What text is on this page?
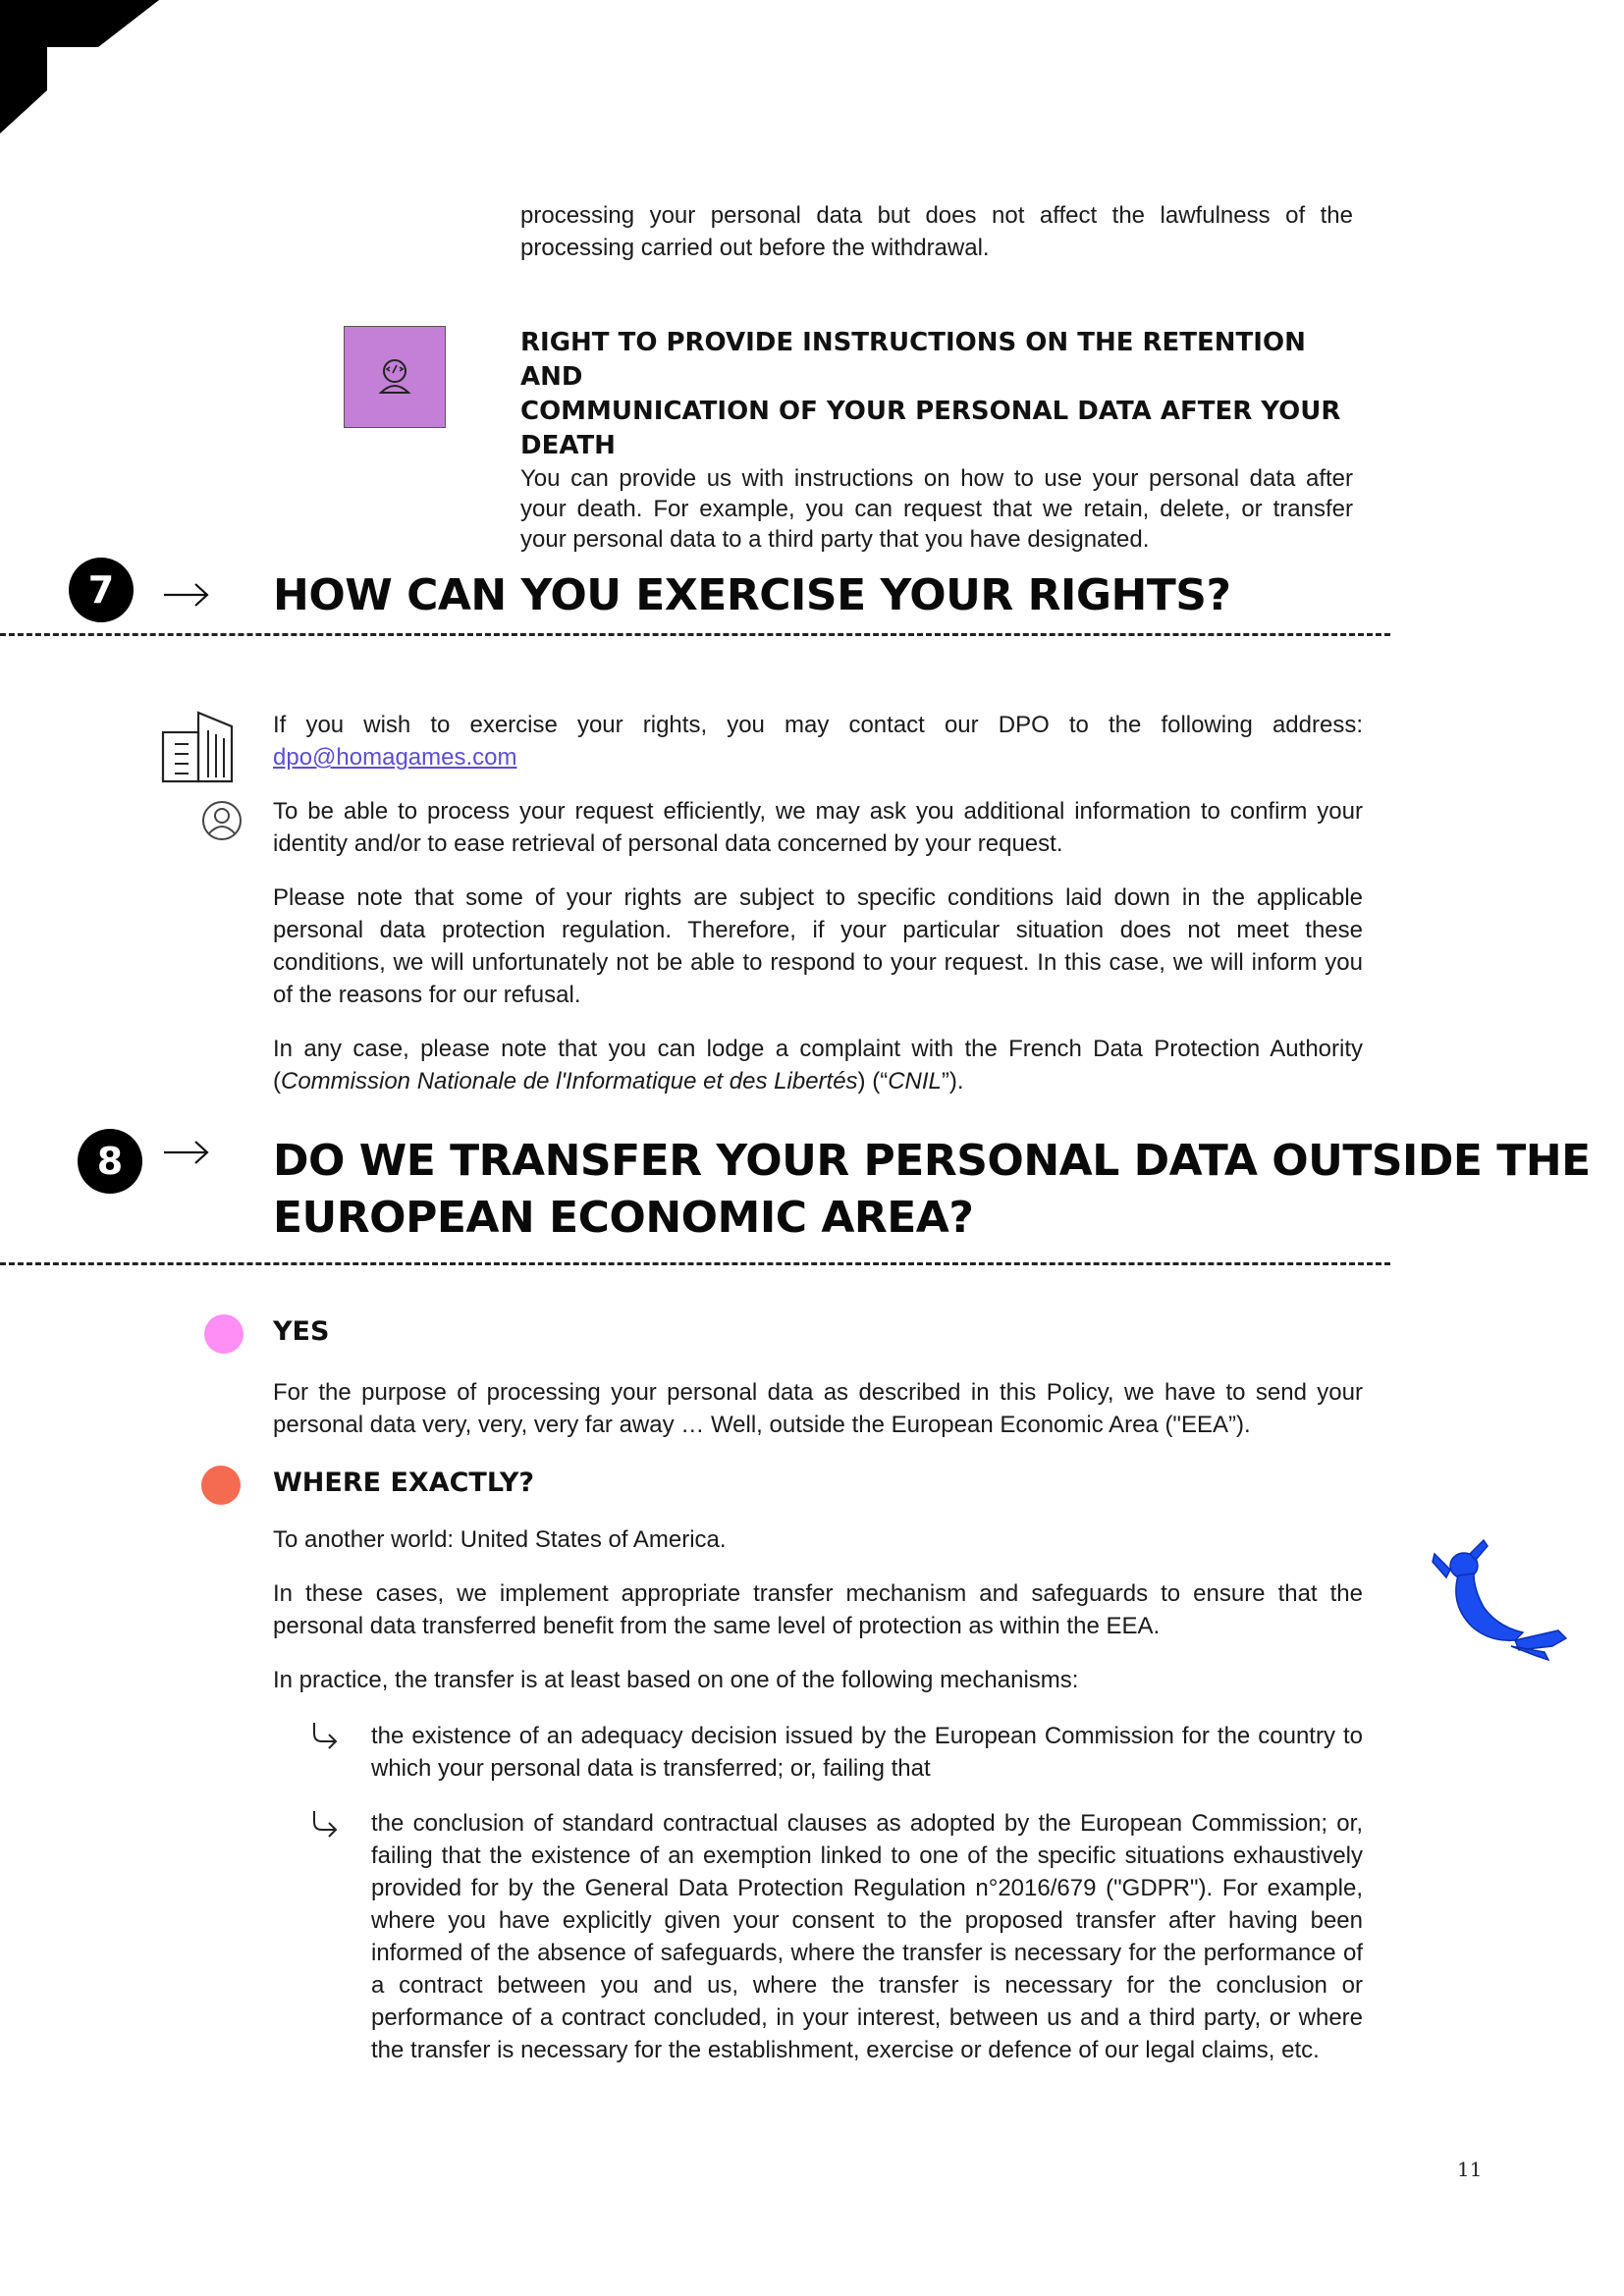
processing your personal data but does not affect the lawfulness of the processing carried out before the withdrawal.

RIGHT TO PROVIDE INSTRUCTIONS ON THE RETENTION AND
COMMUNICATION OF YOUR PERSONAL DATA AFTER YOUR DEATH
You can provide us with instructions on how to use your personal data after your death. For example, you can request that we retain, delete, or transfer your personal data to a third party that you have designated.
7	HOW CAN YOU EXERCISE YOUR RIGHTS?

If you wish to exercise your rights, you may contact our DPO to the following address: dpo@homagames.com

To be able to process your request efficiently, we may ask you additional information to confirm your identity and/or to ease retrieval of personal data concerned by your request.

Please note that some of your rights are subject to specific conditions laid down in the applicable personal data protection regulation. Therefore, if your particular situation does not meet these conditions, we will unfortunately not be able to respond to your request. In this case, we will inform you of the reasons for our refusal.

In any case, please note that you can lodge a complaint with the French Data Protection Authority (Commission Nationale de l'Informatique et des Libertés) (“CNIL”).

8	DO WE TRANSFER YOUR PERSONAL DATA OUTSIDE THE
EUROPEAN ECONOMIC AREA?
YES
For the purpose of processing your personal data as described in this Policy, we have to send your personal data very, very, very far away … Well, outside the European Economic Area ("EEA”).
WHERE EXACTLY?

To another world: United States of America.

In these cases, we implement appropriate transfer mechanism and safeguards to ensure that the personal data transferred benefit from the same level of protection as within the EEA.

In practice, the transfer is at least based on one of the following mechanisms:

the existence of an adequacy decision issued by the European Commission for the country to which your personal data is transferred; or, failing that
the conclusion of standard contractual clauses as adopted by the European Commission; or, failing that the existence of an exemption linked to one of the specific situations exhaustively provided for by the General Data Protection Regulation n°2016/679 ("GDPR"). For example, where you have explicitly given your consent to the proposed transfer after having been informed of the absence of safeguards, where the transfer is necessary for the performance of a contract between you and us, where the transfer is necessary for the conclusion or performance of a contract concluded, in your interest, between us and a third party, or where the transfer is necessary for the establishment, exercise or defence of our legal claims, etc.
11
